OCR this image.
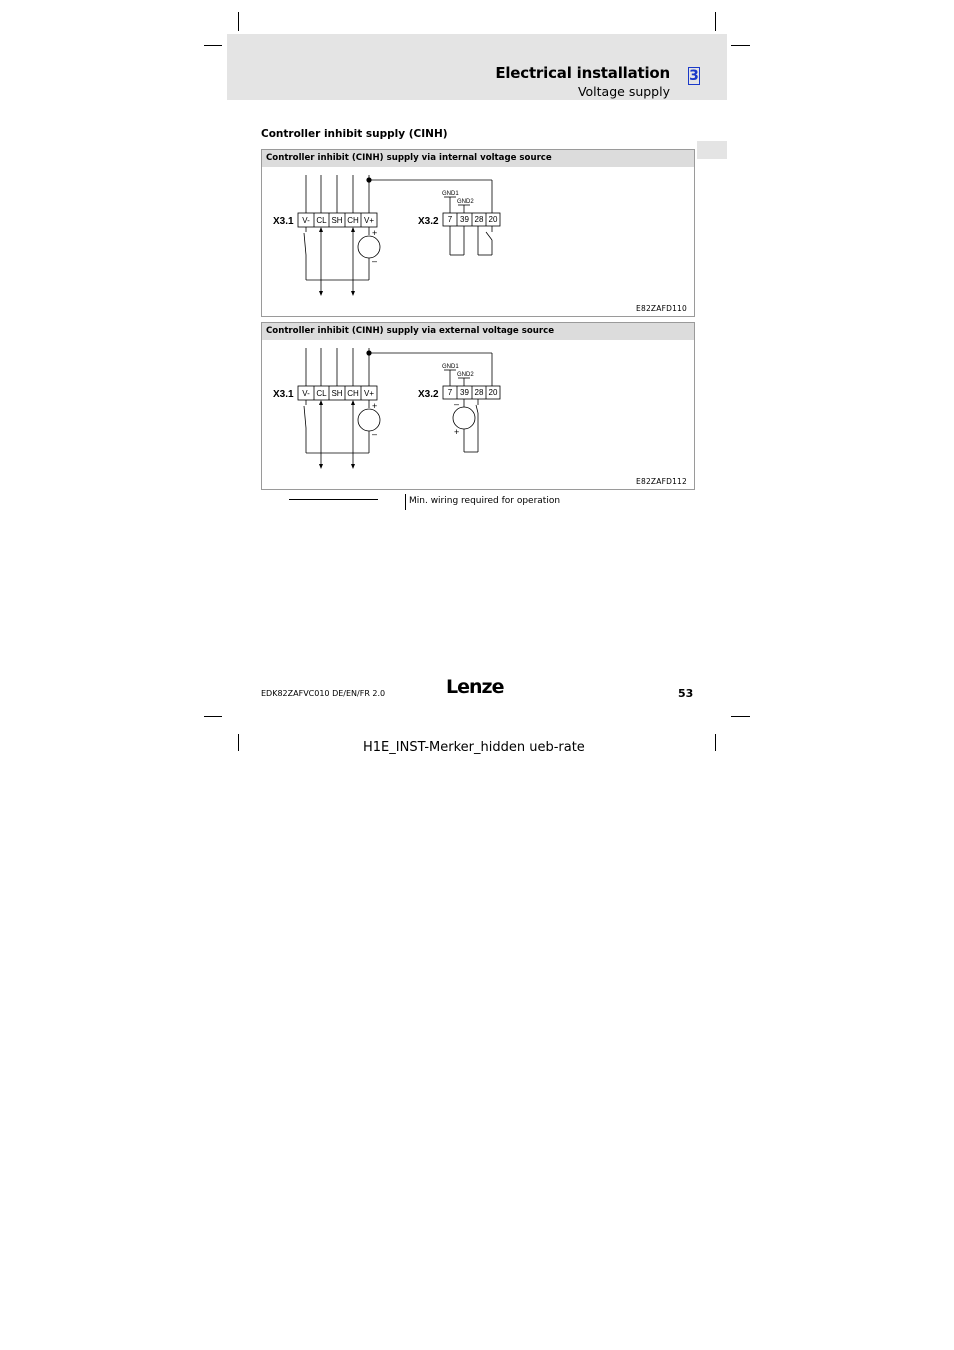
Electrical installation 3
Voltage supply
Controller inhibit supply (CINH)
Controller inhibit (CINH) supply via internal voltage source
X3.1 V- CL SH CH V+
+
–
X3.2 7 39 28 20
GND1
GND2
E82ZAFD110
Controller inhibit (CINH) supply via external voltage source
X3.1 V- CL SH CH V+
+
–
X3.2 7 39 28 20
GND1
GND2
–
+
E82ZAFD112
Min. wiring required for operation
EDK82ZAFVC010 DE/EN/FR 2.0	Lenze	53
H1E_INST-Merker_hidden ueb-rate
